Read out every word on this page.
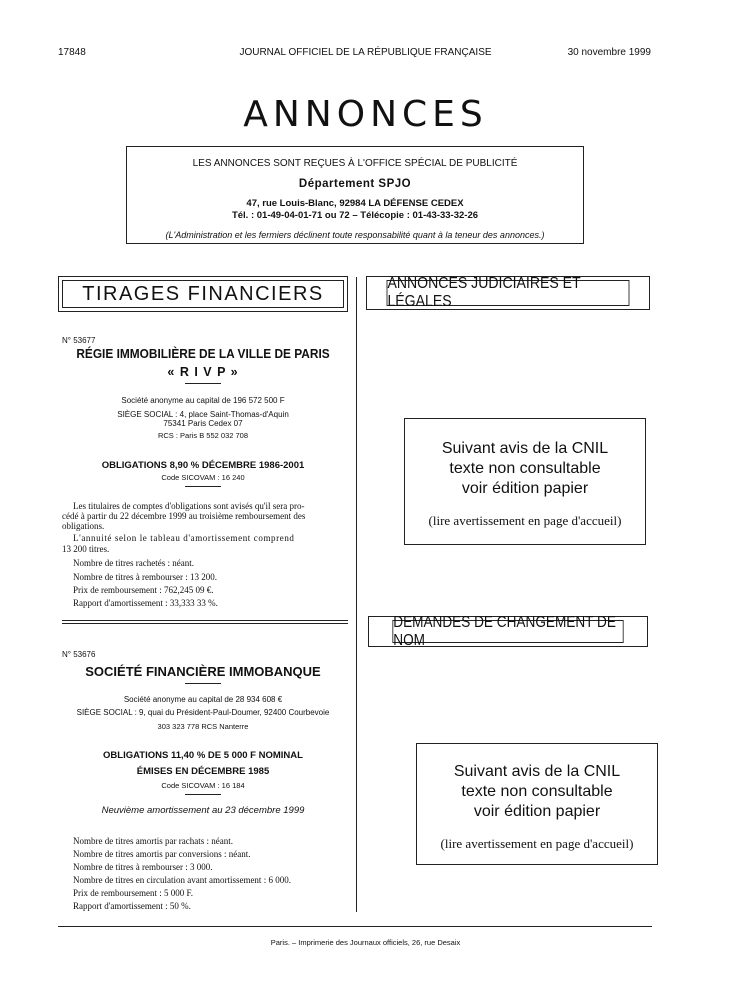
17848	JOURNAL OFFICIEL DE LA RÉPUBLIQUE FRANÇAISE	30 novembre 1999
ANNONCES
LES ANNONCES SONT REÇUES À L'OFFICE SPÉCIAL DE PUBLICITÉ
Département SPJO
47, rue Louis-Blanc, 92984 LA DÉFENSE CEDEX
Tél. : 01-49-04-01-71 ou 72 – Télécopie : 01-43-33-32-26
(L'Administration et les fermiers déclinent toute responsabilité quant à la teneur des annonces.)
TIRAGES FINANCIERS	ANNONCES JUDICIAIRES ET LÉGALES
Suivant avis de la CNIL
texte non consultable
voir édition papier
(lire avertissement en page d'accueil)
DEMANDES DE CHANGEMENT DE NOM
Suivant avis de la CNIL
texte non consultable
voir édition papier
(lire avertissement en page d'accueil)
N° 53677
RÉGIE IMMOBILIÈRE DE LA VILLE DE PARIS
« R I V P »
Société anonyme au capital de 196 572 500 F
SIÈGE SOCIAL : 4, place Saint-Thomas-d'Aquin
75341 Paris Cedex 07
RCS : Paris B 552 032 708
OBLIGATIONS 8,90 % DÉCEMBRE 1986-2001
Code SICOVAM : 16 240
Les titulaires de comptes d'obligations sont avisés qu'il sera pro-
cédé à partir du 22 décembre 1999 au troisième remboursement des
obligations.
L'annuité selon le tableau d'amortissement comprend
13 200 titres.
Nombre de titres rachetés : néant.
Nombre de titres à rembourser : 13 200.
Prix de remboursement : 762,245 09 €.
Rapport d'amortissement : 33,333 33 %.
N° 53676
SOCIÉTÉ FINANCIÈRE IMMOBANQUE
Société anonyme au capital de 28 934 608 €
SIÈGE SOCIAL : 9, quai du Président-Paul-Doumer, 92400 Courbevoie
303 323 778 RCS Nanterre
OBLIGATIONS 11,40 % DE 5 000 F NOMINAL
ÉMISES EN DÉCEMBRE 1985
Code SICOVAM : 16 184
Neuvième amortissement au 23 décembre 1999
Nombre de titres amortis par rachats : néant.
Nombre de titres amortis par conversions : néant.
Nombre de titres à rembourser : 3 000.
Nombre de titres en circulation avant amortissement : 6 000.
Prix de remboursement : 5 000 F.
Rapport d'amortissement : 50 %.
Paris. – Imprimerie des Journaux officiels, 26, rue Desaix
